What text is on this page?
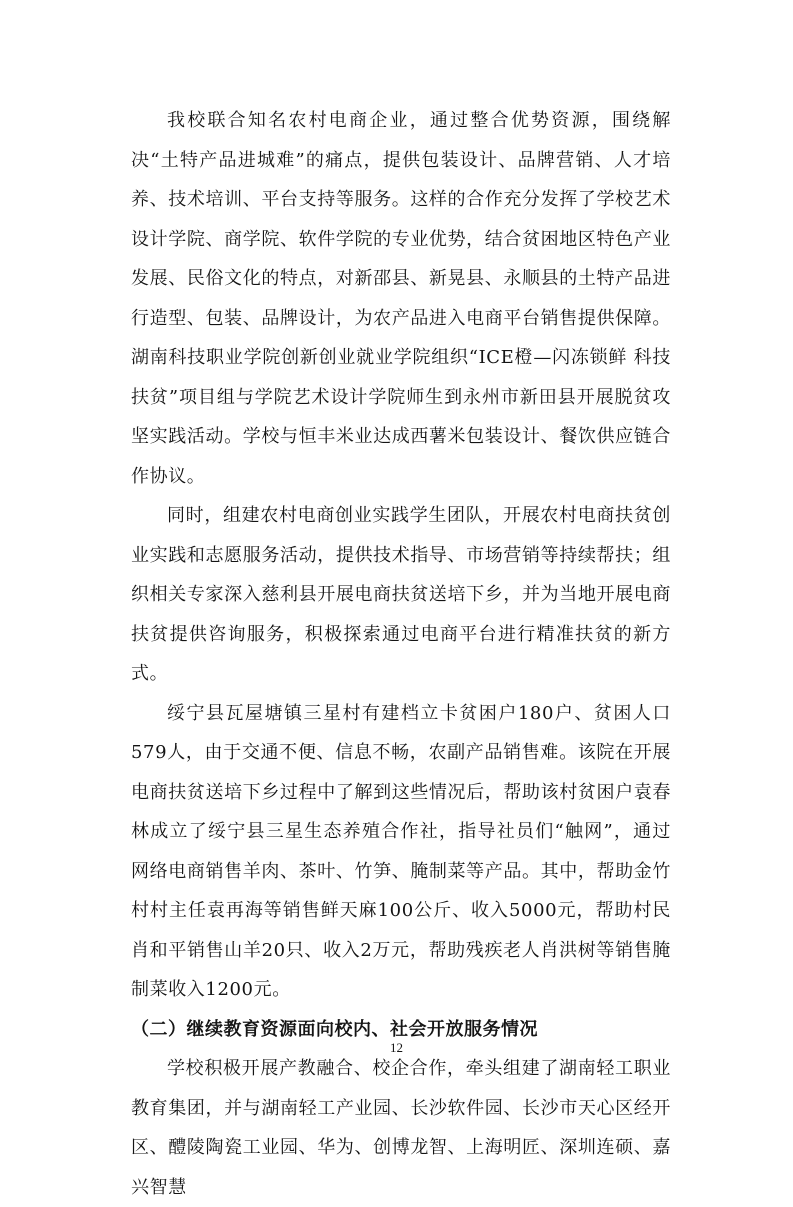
我校联合知名农村电商企业，通过整合优势资源，围绕解决“土特产品进城难”的痛点，提供包装设计、品牌营销、人才培养、技术培训、平台支持等服务。这样的合作充分发挥了学校艺术设计学院、商学院、软件学院的专业优势，结合贫困地区特色产业发展、民俗文化的特点，对新邵县、新晃县、永顺县的土特产品进行造型、包装、品牌设计，为农产品进入电商平台销售提供保障。湖南科技职业学院创新创业就业学院组织“ICE橙—闪冻锁鲜 科技扶贫”项目组与学院艺术设计学院师生到永州市新田县开展脱贫攻坚实践活动。学校与恒丰米业达成西薯米包装设计、餐饮供应链合作协议。

同时，组建农村电商创业实践学生团队，开展农村电商扶贫创业实践和志愿服务活动，提供技术指导、市场营销等持续帮扶；组织相关专家深入慈利县开展电商扶贫送培下乡，并为当地开展电商扶贫提供咨询服务，积极探索通过电商平台进行精准扶贫的新方式。

绥宁县瓦屋塘镇三星村有建档立卡贫困户180户、贫困人口579人，由于交通不便、信息不畅，农副产品销售难。该院在开展电商扶贫送培下乡过程中了解到这些情况后，帮助该村贫困户袁春林成立了绥宁县三星生态养殖合作社，指导社员们“触网”，通过网络电商销售羊肉、茶叶、竹笋、腌制菜等产品。其中，帮助金竹村村主任袁再海等销售鲜天麻100公斤、收入5000元，帮助村民肖和平销售山羊20只、收入2万元，帮助残疾老人肖洪树等销售腌制菜收入1200元。

（二）继续教育资源面向校内、社会开放服务情况

学校积极开展产教融合、校企合作，牵头组建了湖南轻工职业教育集团，并与湖南轻工产业园、长沙软件园、长沙市天心区经开区、醴陵陶瓷工业园、华为、创博龙智、上海明匠、深圳连硕、嘉兴智慧

12
